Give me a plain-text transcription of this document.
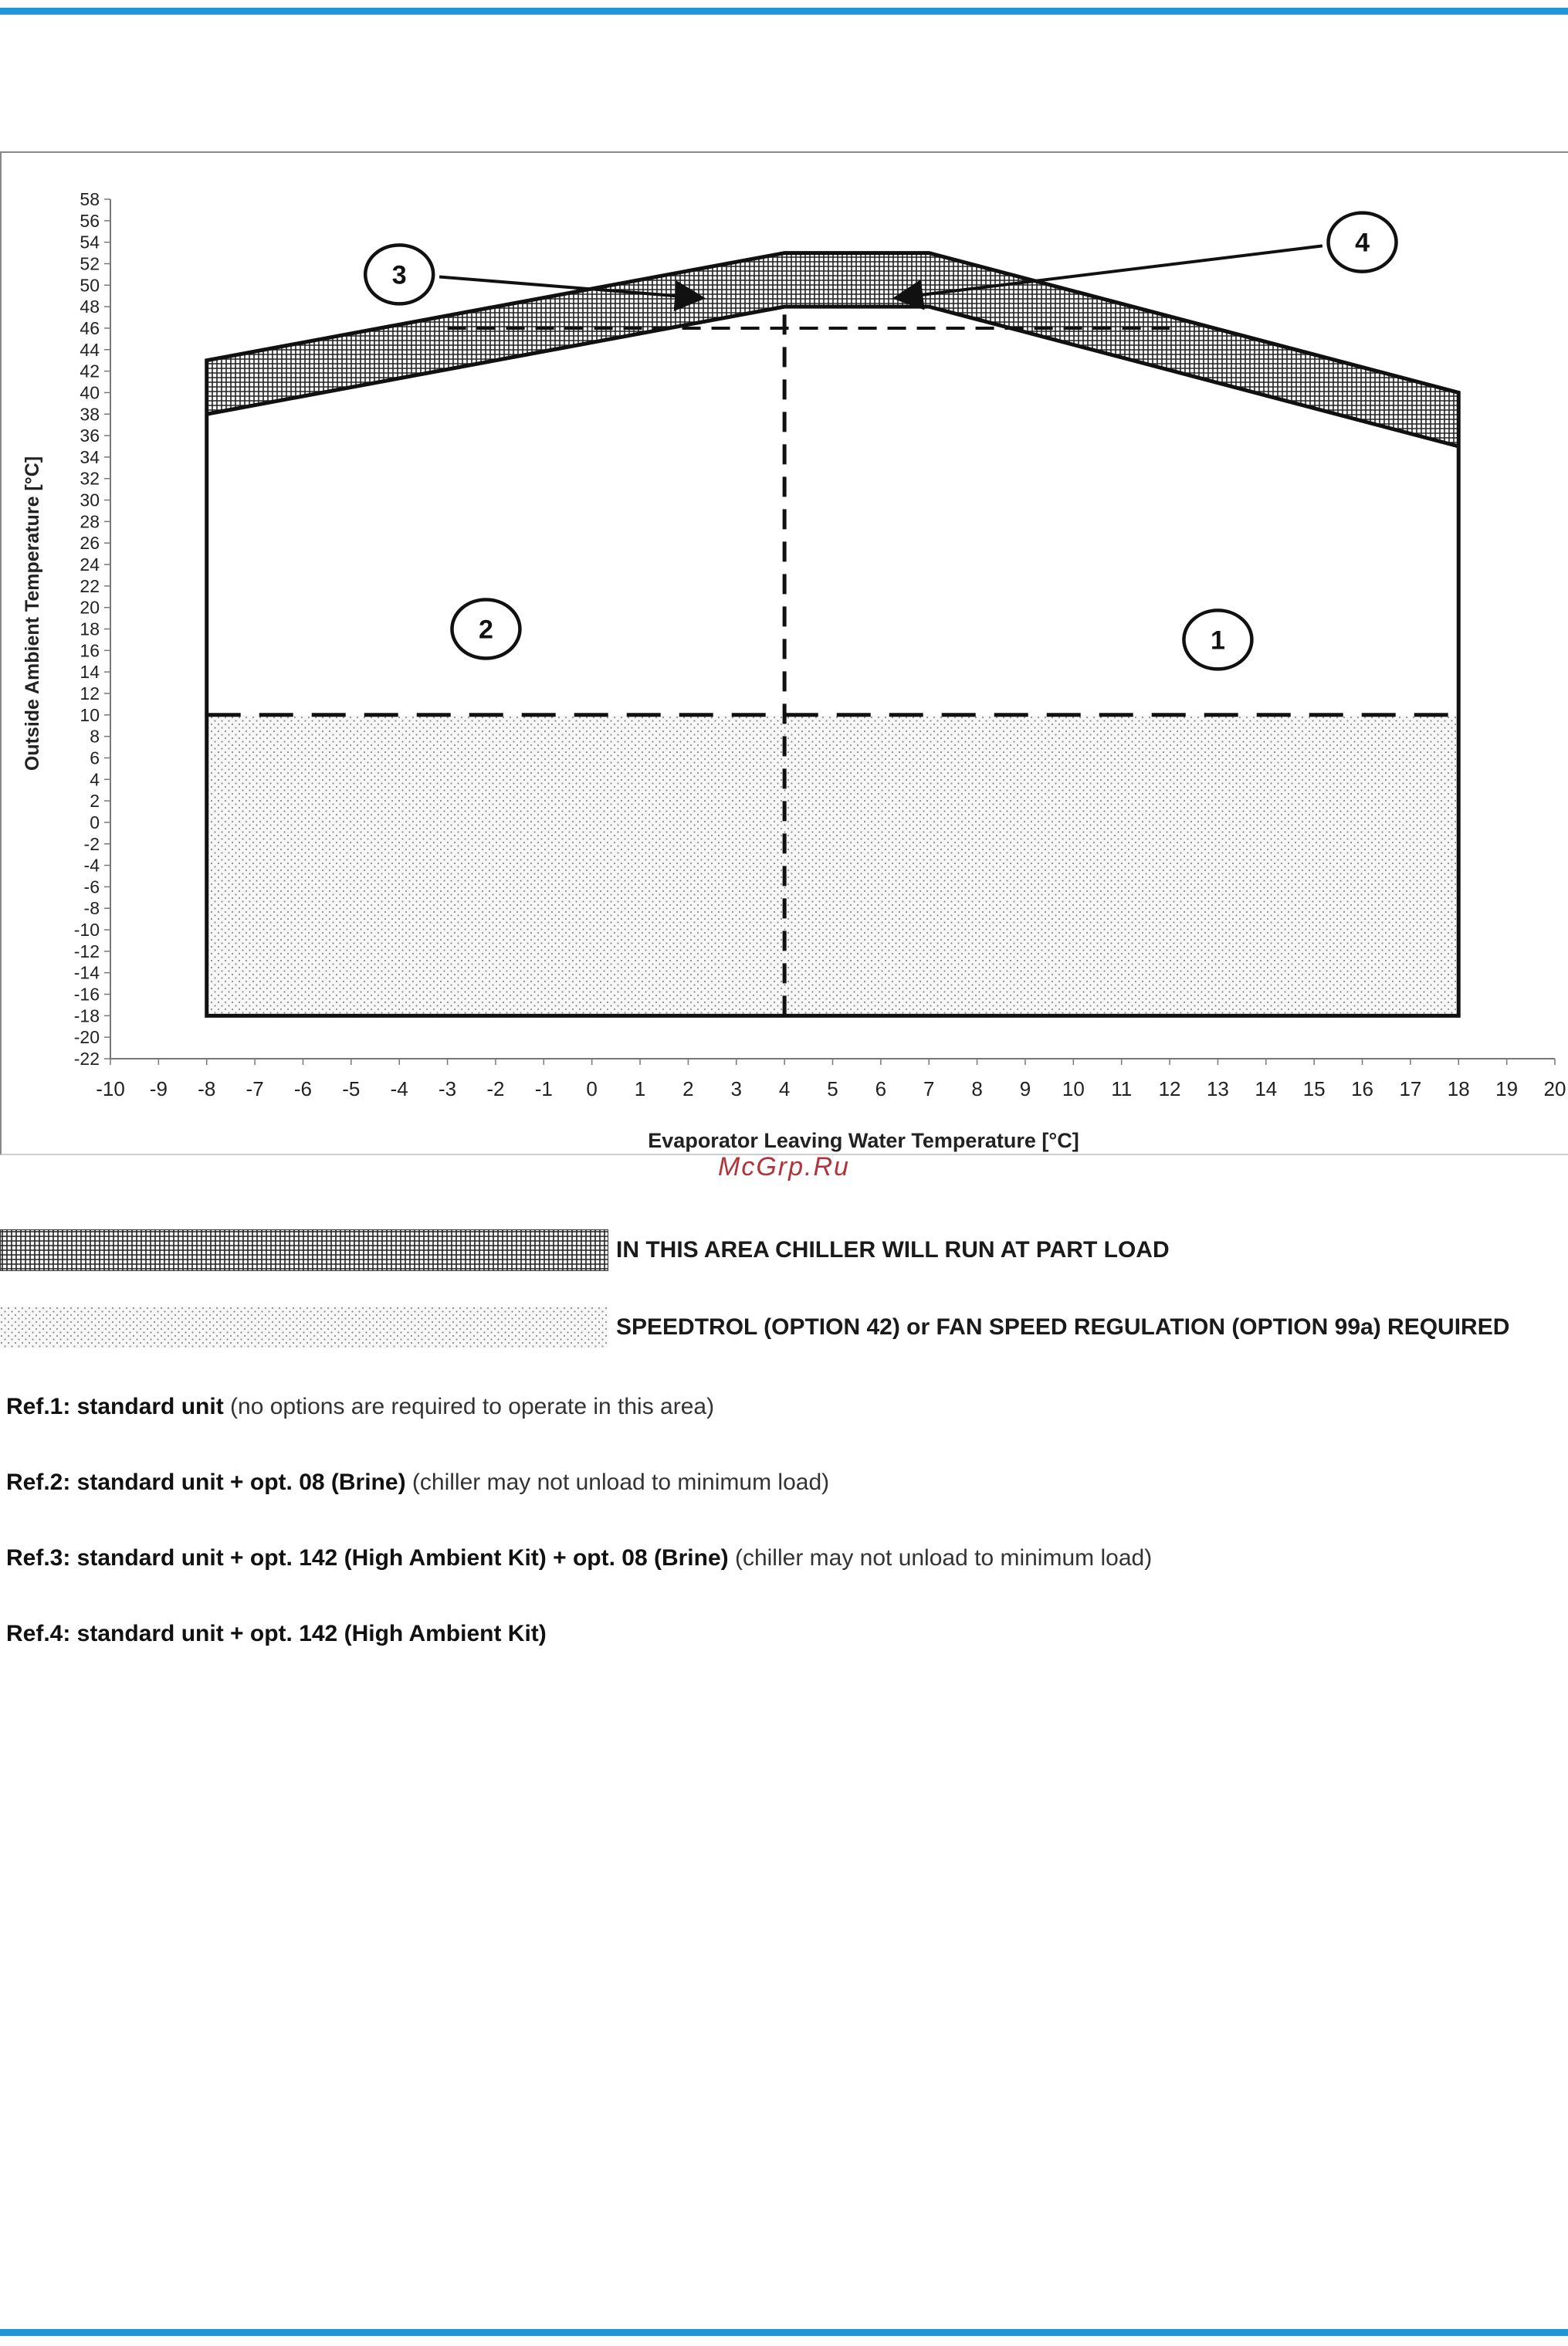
58
56
54
52
50
48
46
44
42
40
38
36
34
32
30
28
26
24
22
20
18
16
14
12
10
8
6
4
2
0
-2
-4
-6
-8
-10
-12
-14
-16
-18
-20
-22
-10 -9 -8 -7 -6 -5 -4 -3 -2 -1 0 1 2 3 4 5 6 7 8 9 10 11 12 13 14 15 16 17 18 19 20
Evaporator Leaving Water Temperature [°C]
Outside Ambient Temperature [°C]	1
2
3
4
McGrp.Ru
IN THIS AREA CHILLER WILL RUN AT PART LOAD
SPEEDTROL (OPTION 42) or FAN SPEED REGULATION (OPTION 99a) REQUIRED
Ref.1: standard unit (no options are required to operate in this area)
Ref.2: standard unit + opt. 08 (Brine) (chiller may not unload to minimum load)
Ref.3: standard unit + opt. 142 (High Ambient Kit) + opt. 08 (Brine) (chiller may not unload to minimum load)
Ref.4: standard unit + opt. 142 (High Ambient Kit)
